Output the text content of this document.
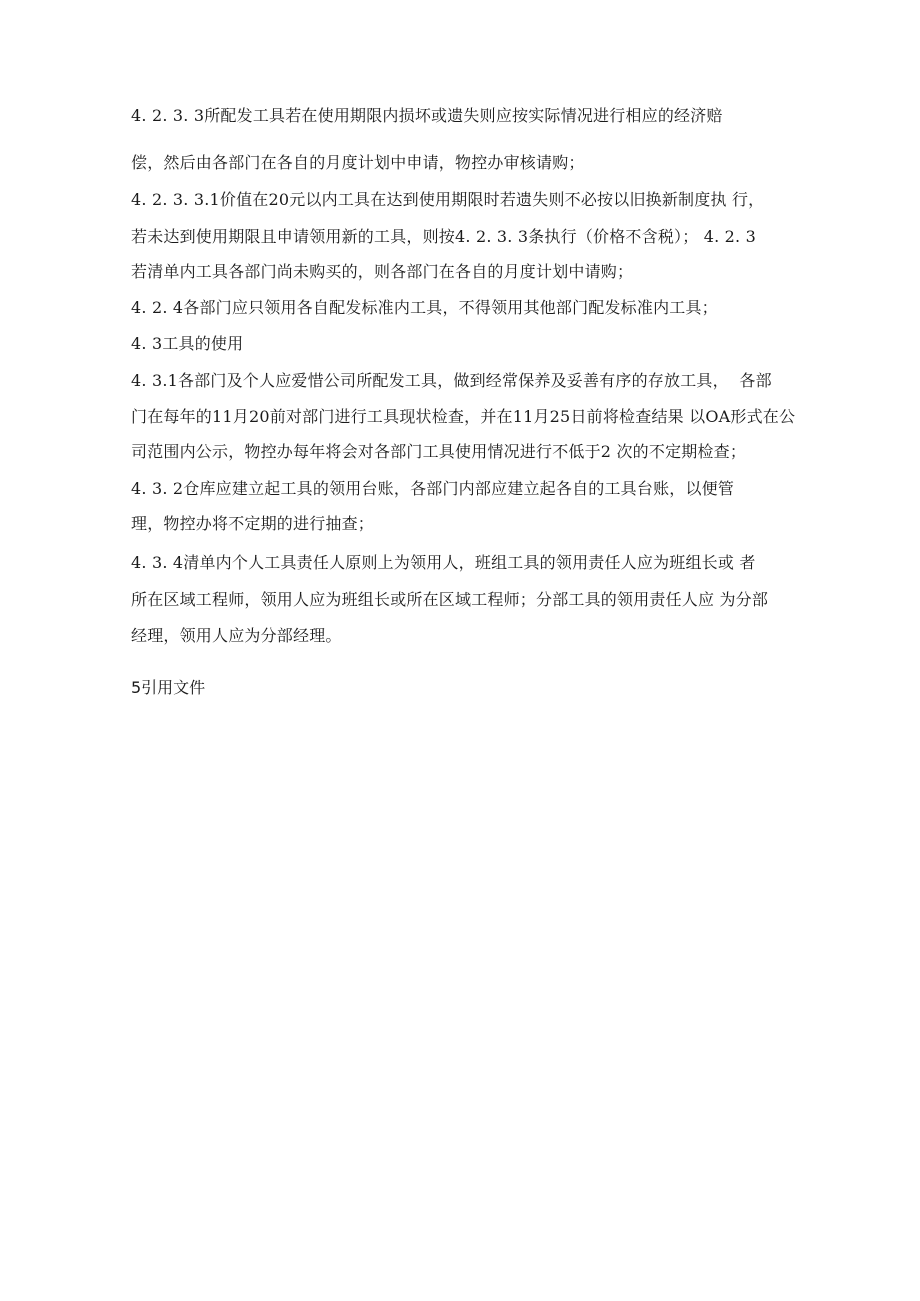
4. 2. 3. 3所配发工具若在使用期限内损坏或遗失则应按实际情况进行相应的经济赔
偿，然后由各部门在各自的月度计划中申请，物控办审核请购；
4. 2. 3. 3.1价值在20元以内工具在达到使用期限时若遗失则不必按以旧换新制度执 行，
若未达到使用期限且申请领用新的工具，则按4. 2. 3. 3条执行（价格不含税）； 4. 2. 3
若清单内工具各部门尚未购买的，则各部门在各自的月度计划中请购；
4. 2. 4各部门应只领用各自配发标准内工具，不得领用其他部门配发标准内工具；
4. 3工具的使用
4. 3.1各部门及个人应爱惜公司所配发工具，做到经常保养及妥善有序的存放工具，  各部
门在每年的11月20前对部门进行工具现状检查，并在11月25日前将检查结果 以OA形式在公
司范围内公示，物控办每年将会对各部门工具使用情况进行不低于2 次的不定期检查；
4. 3. 2仓库应建立起工具的领用台账，各部门内部应建立起各自的工具台账，以便管
理，物控办将不定期的进行抽查；
4. 3. 4清单内个人工具责任人原则上为领用人，班组工具的领用责任人应为班组长或 者
所在区域工程师，领用人应为班组长或所在区域工程师；分部工具的领用责任人应 为分部
经理，领用人应为分部经理。
5引用文件
